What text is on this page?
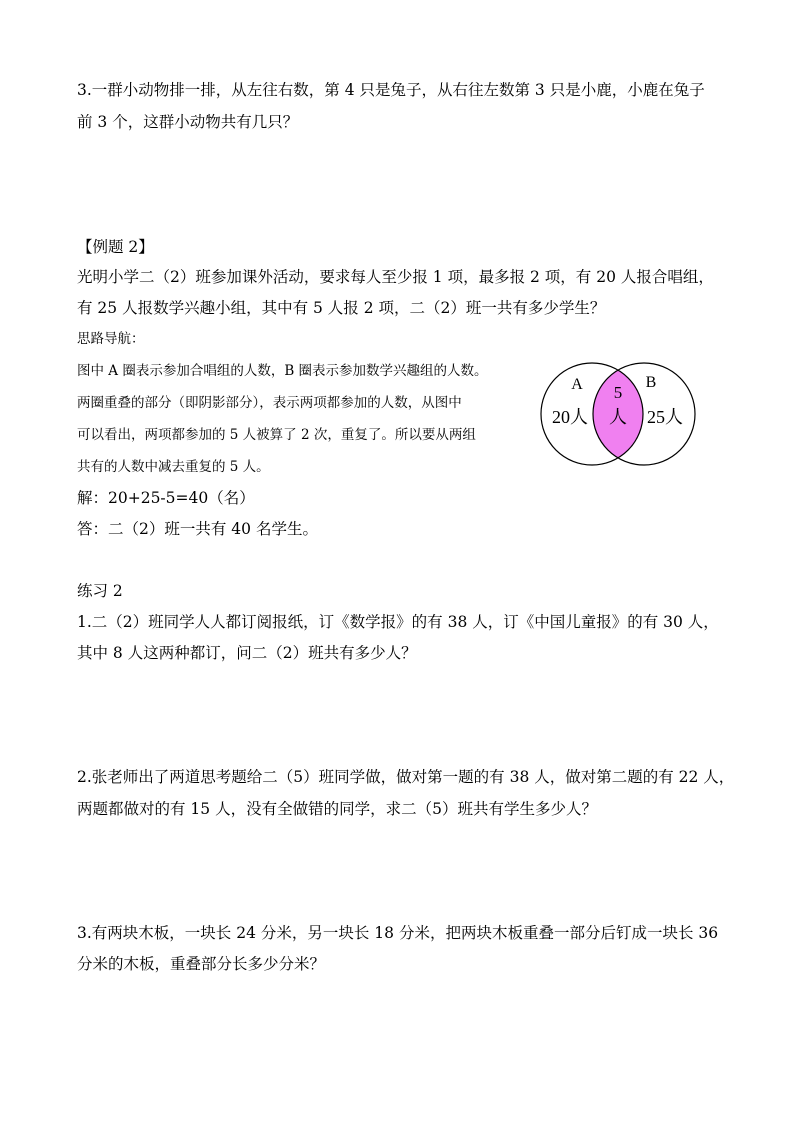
3.一群小动物排一排，从左往右数，第 4 只是兔子，从右往左数第 3 只是小鹿，小鹿在兔子
前 3 个，这群小动物共有几只？
【例题 2】
光明小学二（2）班参加课外活动，要求每人至少报 1 项，最多报 2 项，有 20 人报合唱组，
有 25 人报数学兴趣小组，其中有 5 人报 2 项，二（2）班一共有多少学生？
思路导航：
图中 A 圈表示参加合唱组的人数，B 圈表示参加数学兴趣组的人数。
两圈重叠的部分（即阴影部分），表示两项都参加的人数，从图中
可以看出，两项都参加的 5 人被算了 2 次，重复了。所以要从两组
共有的人数中减去重复的 5 人。
解：20+25-5=40（名）
答：二（2）班一共有 40 名学生。
A	B
20人	25人
5
人
练习 2
1.二（2）班同学人人都订阅报纸，订《数学报》的有 38 人，订《中国儿童报》的有 30 人，
其中 8 人这两种都订，问二（2）班共有多少人？
2.张老师出了两道思考题给二（5）班同学做，做对第一题的有 38 人，做对第二题的有 22 人，
两题都做对的有 15 人，没有全做错的同学，求二（5）班共有学生多少人？
3.有两块木板，一块长 24 分米，另一块长 18 分米，把两块木板重叠一部分后钉成一块长 36
分米的木板，重叠部分长多少分米？
